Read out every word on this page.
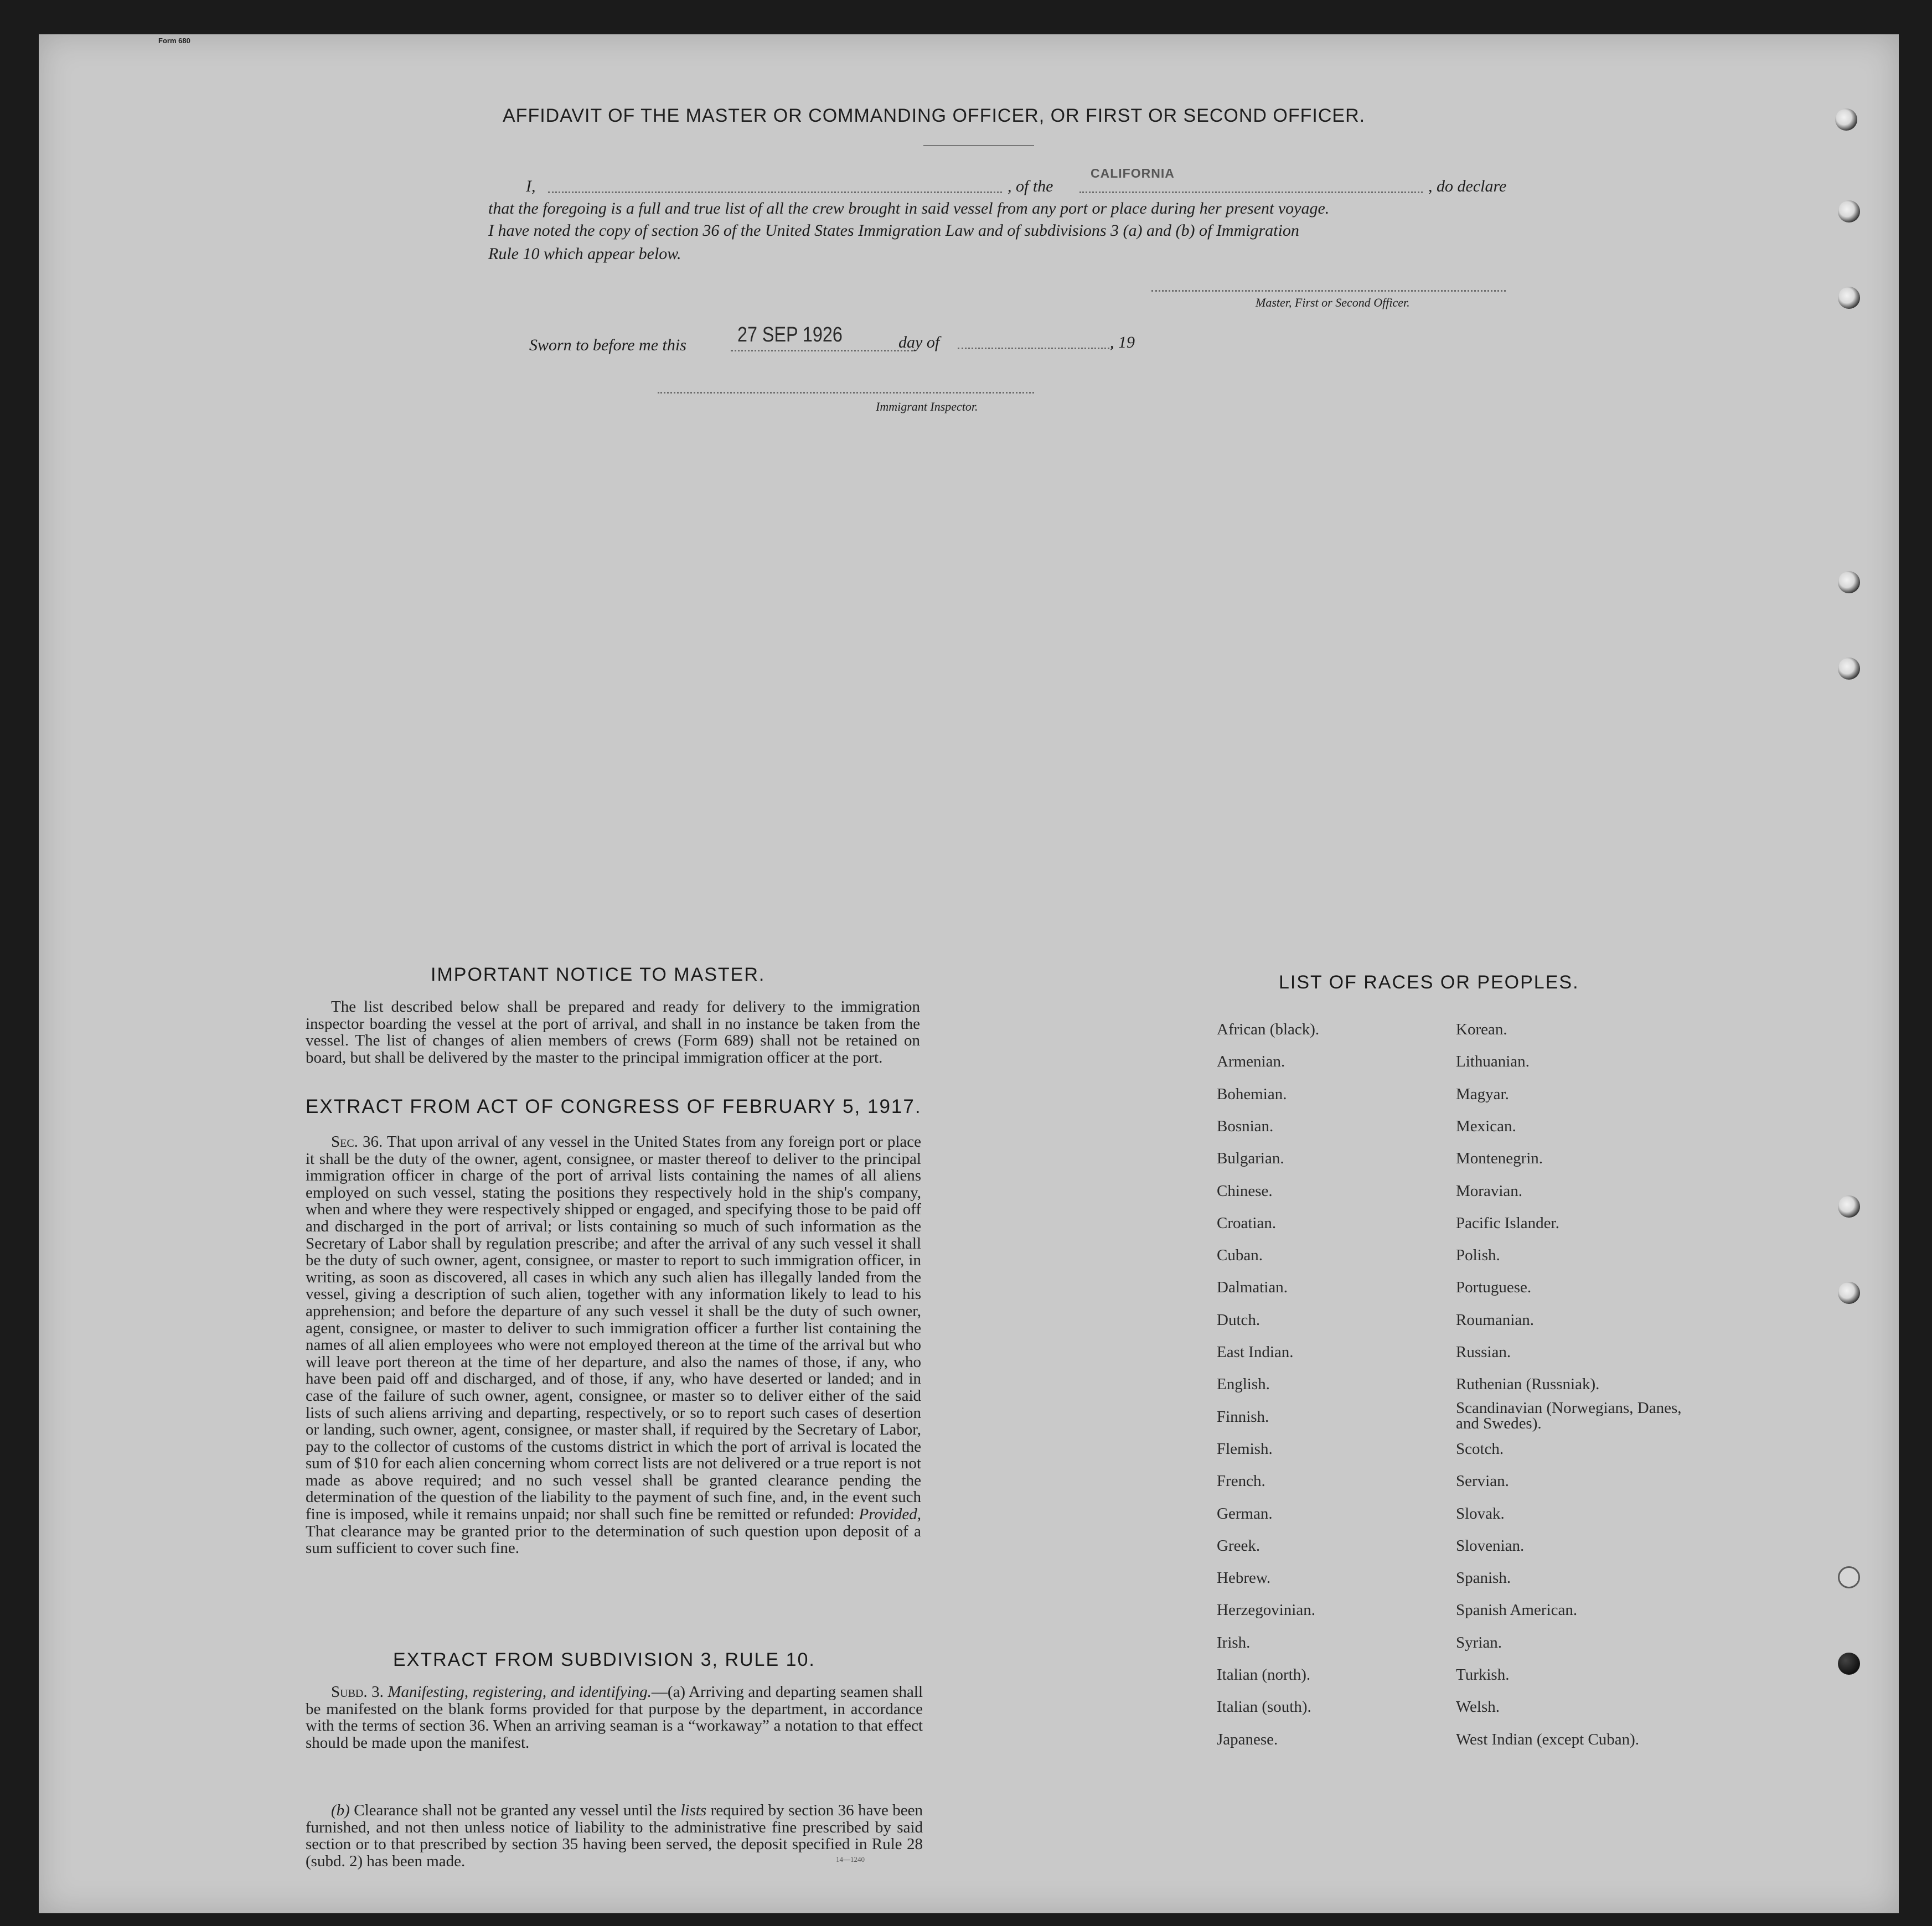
Form 680
AFFIDAVIT OF THE MASTER OR COMMANDING OFFICER, OR FIRST OR SECOND OFFICER.
I,	, of the
CALIFORNIA
, do declare
that the foregoing is a full and true list of all the crew brought in said vessel from any port or place during her present voyage.
I have noted the copy of section 36 of the United States Immigration Law and of subdivisions 3 (a) and (b) of Immigration
Rule 10 which appear below.
Master, First or Second Officer.
Sworn to before me this 27 SEP 1926	day of	, 19
Immigrant Inspector.
IMPORTANT NOTICE TO MASTER.
The list described below shall be prepared and ready for delivery to the immigration inspector boarding the vessel at the port of arrival, and shall in no instance be taken from the vessel. The list of changes of alien members of crews (Form 689) shall not be retained on board, but shall be delivered by the master to the principal immigration officer at the port.
EXTRACT FROM ACT OF CONGRESS OF FEBRUARY 5, 1917.
Sec. 36. That upon arrival of any vessel in the United States from any foreign port or place it shall be the duty of the owner, agent, consignee, or master thereof to deliver to the principal immigration officer in charge of the port of arrival lists containing the names of all aliens employed on such vessel, stating the positions they respectively hold in the ship's company, when and where they were respectively shipped or engaged, and specifying those to be paid off and discharged in the port of arrival; or lists containing so much of such information as the Secretary of Labor shall by regulation prescribe; and after the arrival of any such vessel it shall be the duty of such owner, agent, consignee, or master to report to such immigration officer, in writing, as soon as discovered, all cases in which any such alien has illegally landed from the vessel, giving a description of such alien, together with any information likely to lead to his apprehension; and before the departure of any such vessel it shall be the duty of such owner, agent, consignee, or master to deliver to such immigration officer a further list containing the names of all alien employees who were not employed thereon at the time of the arrival but who will leave port thereon at the time of her departure, and also the names of those, if any, who have been paid off and discharged, and of those, if any, who have deserted or landed; and in case of the failure of such owner, agent, consignee, or master so to deliver either of the said lists of such aliens arriving and departing, respectively, or so to report such cases of desertion or landing, such owner, agent, consignee, or master shall, if required by the Secretary of Labor, pay to the collector of customs of the customs district in which the port of arrival is located the sum of $10 for each alien concerning whom correct lists are not delivered or a true report is not made as above required; and no such vessel shall be granted clearance pending the determination of the question of the liability to the payment of such fine, and, in the event such fine is imposed, while it remains unpaid; nor shall such fine be remitted or refunded: Provided, That clearance may be granted prior to the determination of such question upon deposit of a sum sufficient to cover such fine.
EXTRACT FROM SUBDIVISION 3, RULE 10.
Subd. 3. Manifesting, registering, and identifying.—(a) Arriving and departing seamen shall be manifested on the blank forms provided for that purpose by the department, in accordance with the terms of section 36. When an arriving seaman is a “workaway” a notation to that effect should be made upon the manifest.
(b) Clearance shall not be granted any vessel until the lists required by section 36 have been furnished, and not then unless notice of liability to the administrative fine prescribed by said section or to that prescribed by section 35 having been served, the deposit specified in Rule 28 (subd. 2) has been made.	14—1240
LIST OF RACES OR PEOPLES.
African (black).
Armenian.
Bohemian.
Bosnian.
Bulgarian.
Chinese.
Croatian.
Cuban.
Dalmatian.
Dutch.
East Indian.
English.
Finnish.
Flemish.
French.
German.
Greek.
Hebrew.
Herzegovinian.
Irish.
Italian (north).
Italian (south).
Japanese.
Korean.
Lithuanian.
Magyar.
Mexican.
Montenegrin.
Moravian.
Pacific Islander.
Polish.
Portuguese.
Roumanian.
Russian.
Ruthenian (Russniak).
Scandinavian (Norwegians, Danes, and Swedes).
Scotch.
Servian.
Slovak.
Slovenian.
Spanish.
Spanish American.
Syrian.
Turkish.
Welsh.
West Indian (except Cuban).
